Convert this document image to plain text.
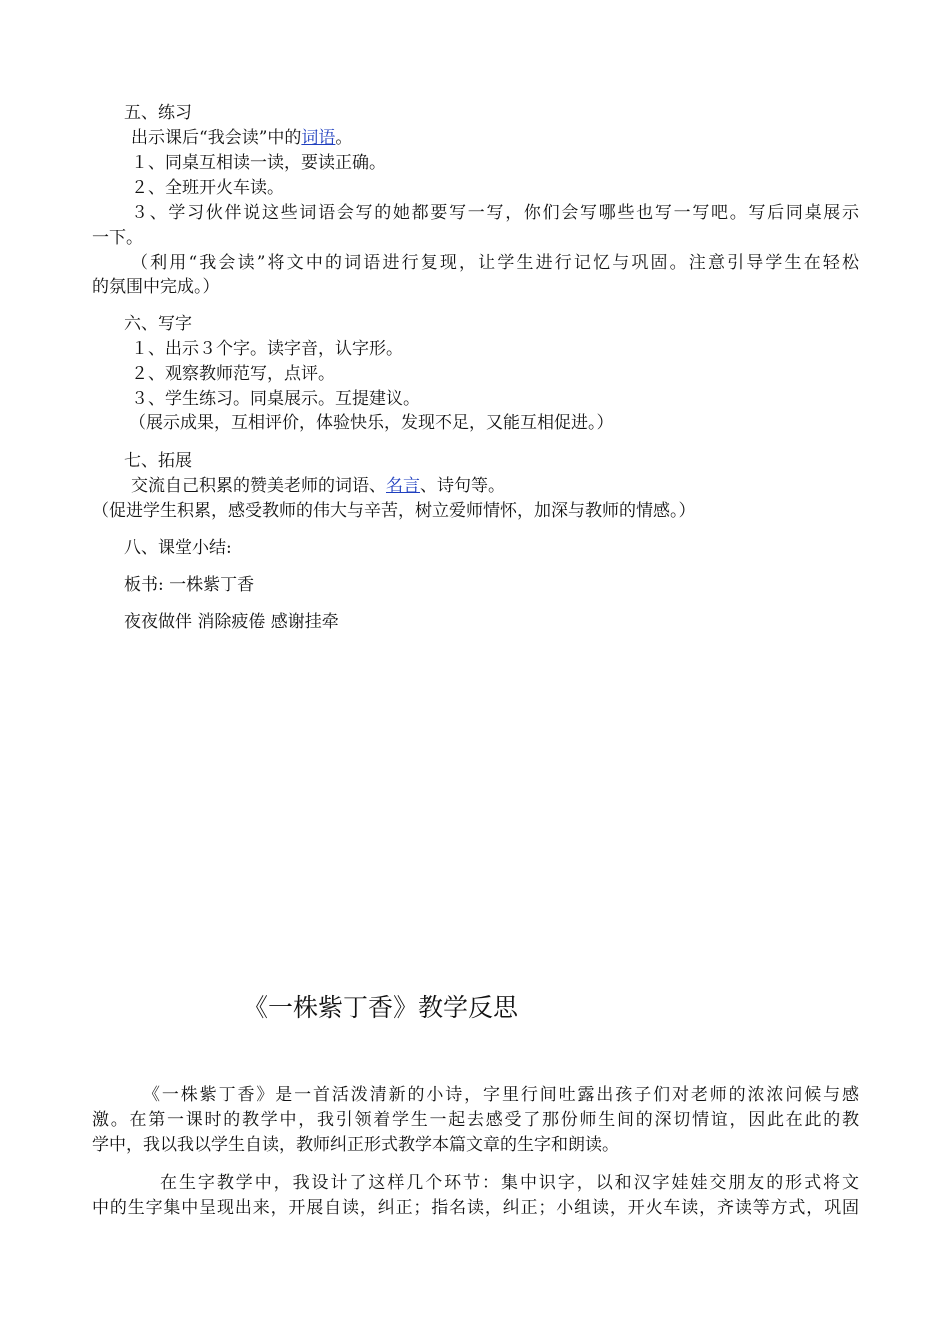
五、练习
出示课后“我会读”中的词语。
１、同桌互相读一读，要读正确。
２、全班开火车读。
３、学习伙伴说这些词语会写的她都要写一写，你们会写哪些也写一写吧。写后同桌展示
一下。
（利用“我会读”将文中的词语进行复现，让学生进行记忆与巩固。注意引导学生在轻松
的氛围中完成。）
六、写字
１、出示３个字。读字音，认字形。
２、观察教师范写，点评。
３、学生练习。同桌展示。互提建议。
（展示成果，互相评价，体验快乐，发现不足，又能互相促进。）
七、拓展
交流自己积累的赞美老师的词语、名言、诗句等。
（促进学生积累，感受教师的伟大与辛苦，树立爱师情怀，加深与教师的情感。）
八、课堂小结:
板书: 一株紫丁香
夜夜做伴 消除疲倦 感谢挂牵
《一株紫丁香》教学反思
《一株紫丁香》是一首活泼清新的小诗，字里行间吐露出孩子们对老师的浓浓问候与感
激。在第一课时的教学中，我引领着学生一起去感受了那份师生间的深切情谊，因此在此的教
学中，我以我以学生自读，教师纠正形式教学本篇文章的生字和朗读。
在生字教学中，我设计了这样几个环节：集中识字，以和汉字娃娃交朋友的形式将文
中的生字集中呈现出来，开展自读，纠正；指名读，纠正；小组读，开火车读，齐读等方式，巩固
